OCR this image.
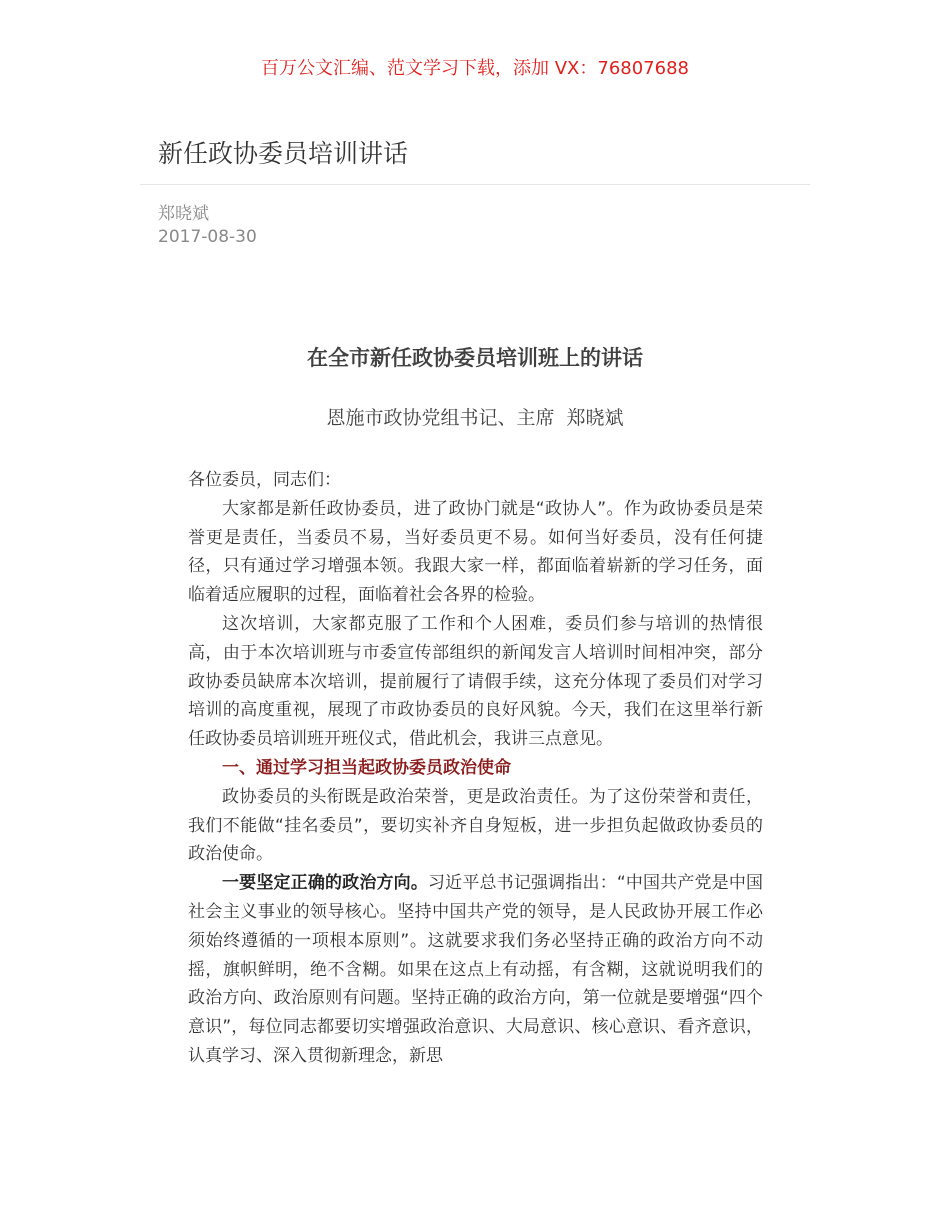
百万公文汇编、范文学习下载，添加 VX：76807688
新任政协委员培训讲话
郑晓斌
2017-08-30
在全市新任政协委员培训班上的讲话
恩施市政协党组书记、主席  郑晓斌

各位委员，同志们：

大家都是新任政协委员，进了政协门就是“政协人”。作为政协委员是荣誉更是责任，当委员不易，当好委员更不易。如何当好委员，没有任何捷径，只有通过学习增强本领。我跟大家一样，都面临着崭新的学习任务，面临着适应履职的过程，面临着社会各界的检验。

这次培训，大家都克服了工作和个人困难，委员们参与培训的热情很高，由于本次培训班与市委宣传部组织的新闻发言人培训时间相冲突，部分政协委员缺席本次培训，提前履行了请假手续，这充分体现了委员们对学习培训的高度重视，展现了市政协委员的良好风貌。今天，我们在这里举行新任政协委员培训班开班仪式，借此机会，我讲三点意见。

一、通过学习担当起政协委员政治使命

政协委员的头衔既是政治荣誉，更是政治责任。为了这份荣誉和责任，我们不能做“挂名委员”，要切实补齐自身短板，进一步担负起做政协委员的政治使命。

一要坚定正确的政治方向。习近平总书记强调指出：“中国共产党是中国社会主义事业的领导核心。坚持中国共产党的领导，是人民政协开展工作必须始终遵循的一项根本原则”。这就要求我们务必坚持正确的政治方向不动摇，旗帜鲜明，绝不含糊。如果在这点上有动摇，有含糊，这就说明我们的政治方向、政治原则有问题。坚持正确的政治方向，第一位就是要增强“四个意识”，每位同志都要切实增强政治意识、大局意识、核心意识、看齐意识，认真学习、深入贯彻新理念，新思
